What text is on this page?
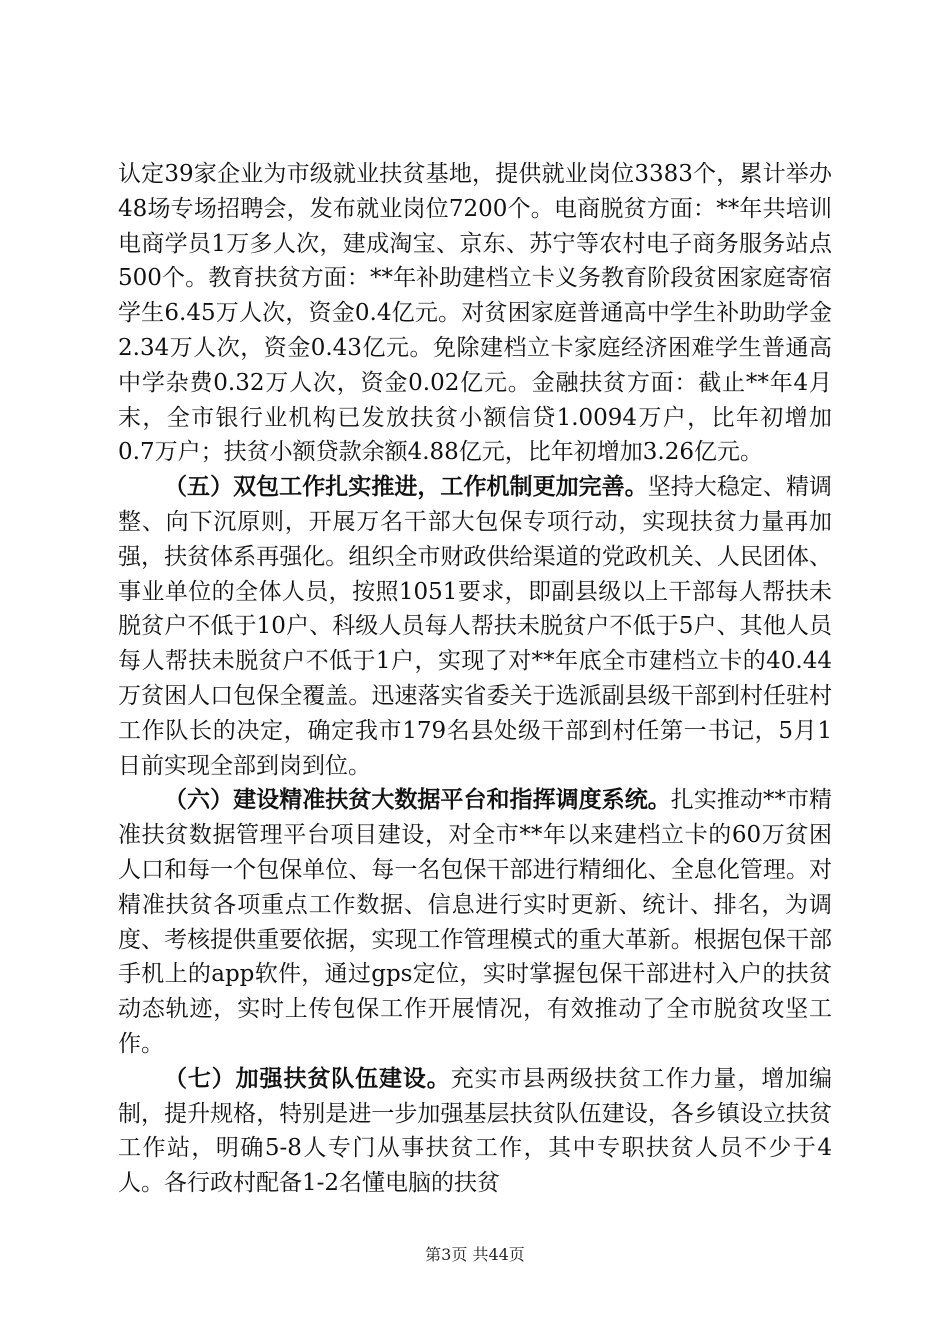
认定39家企业为市级就业扶贫基地，提供就业岗位3383个，累计举办48场专场招聘会，发布就业岗位7200个。电商脱贫方面：**年共培训电商学员1万多人次，建成淘宝、京东、苏宁等农村电子商务服务站点500个。教育扶贫方面：**年补助建档立卡义务教育阶段贫困家庭寄宿学生6.45万人次，资金0.4亿元。对贫困家庭普通高中学生补助助学金2.34万人次，资金0.43亿元。免除建档立卡家庭经济困难学生普通高中学杂费0.32万人次，资金0.02亿元。金融扶贫方面：截止**年4月末，全市银行业机构已发放扶贫小额信贷1.0094万户，比年初增加0.7万户；扶贫小额贷款余额4.88亿元，比年初增加3.26亿元。

（五）双包工作扎实推进，工作机制更加完善。坚持大稳定、精调整、向下沉原则，开展万名干部大包保专项行动，实现扶贫力量再加强，扶贫体系再强化。组织全市财政供给渠道的党政机关、人民团体、事业单位的全体人员，按照1051要求，即副县级以上干部每人帮扶未脱贫户不低于10户、科级人员每人帮扶未脱贫户不低于5户、其他人员每人帮扶未脱贫户不低于1户，实现了对**年底全市建档立卡的40.44万贫困人口包保全覆盖。迅速落实省委关于选派副县级干部到村任驻村工作队长的决定，确定我市179名县处级干部到村任第一书记，5月1日前实现全部到岗到位。

（六）建设精准扶贫大数据平台和指挥调度系统。扎实推动**市精准扶贫数据管理平台项目建设，对全市**年以来建档立卡的60万贫困人口和每一个包保单位、每一名包保干部进行精细化、全息化管理。对精准扶贫各项重点工作数据、信息进行实时更新、统计、排名，为调度、考核提供重要依据，实现工作管理模式的重大革新。根据包保干部手机上的app软件，通过gps定位，实时掌握包保干部进村入户的扶贫动态轨迹，实时上传包保工作开展情况，有效推动了全市脱贫攻坚工作。

（七）加强扶贫队伍建设。充实市县两级扶贫工作力量，增加编制，提升规格，特别是进一步加强基层扶贫队伍建设，各乡镇设立扶贫工作站，明确5-8人专门从事扶贫工作，其中专职扶贫人员不少于4人。各行政村配备1-2名懂电脑的扶贫

第3页 共44页
